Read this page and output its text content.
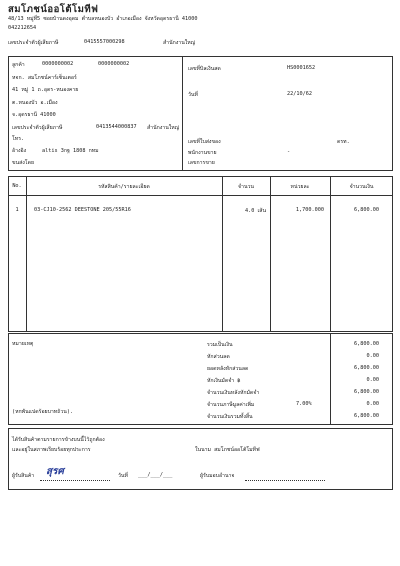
สมโภชน์ออโต้โมทีฟ
48/13 หมู่ที่5 ซอยบ้านดงอุดม ตำบลหนองบัว อำเภอเมือง จังหวัดอุดรธานี 41000
042212654
เลขประจำตัวผู้เสียภาษี	0415557000298	สำนักงานใหญ่
ลูกค้า	0000000002	0000000002
หจก. สมโภชน์คาร์เซ็นเตอร์
41 หมู่ 1 ถ.อุดร-หนองคาย
ต.หนองบัว อ.เมือง
จ.อุดรธานี 41000
เลขประจำตัวผู้เสียภาษี	0413544000837 สำนักงานใหญ่
โทร.
อ้างอิง	altis 3กฐ 1808 กทม
ขนส่งโดย
เลขที่บิลเงินสด	HS0001652
วันที่	22/10/62
เลขที่ใบส่งของ	ดรท.
พนักงานขาย	-
เลขการขาย
No.	รหัสสินค้า/รายละเอียด	จำนวน	หน่วยละ	จำนวนเงิน
1	03-CJ10-2562 DEESTONE 205/55R16	4.0 เส้น	1,700.000	6,800.00
หมายเหตุ
(หกพันแปดร้อยบาทถ้วน).
รวมเป็นเงิน	6,800.00
หักส่วนลด	0.00
ยอดหลังหักส่วนลด	6,800.00
หักเงินมัดจำ ฿	0.00
จำนวนเงินหลังหักมัดจำ	6,800.00
จำนวนภาษีมูลค่าเพิ่ม	7.00%	0.00
จำนวนเงินรวมทั้งสิ้น	6,800.00
ได้รับสินค้าตามรายการข้างบนนี้ไว้ถูกต้อง
และอยู่ในสภาพเรียบร้อยทุกประการ	ในนาม สมโภชน์ออโต้โมทีฟ
ผู้รับสินค้า สุรศ	วันที่ ___/___/___	ผู้รับมอบอำนาจ
